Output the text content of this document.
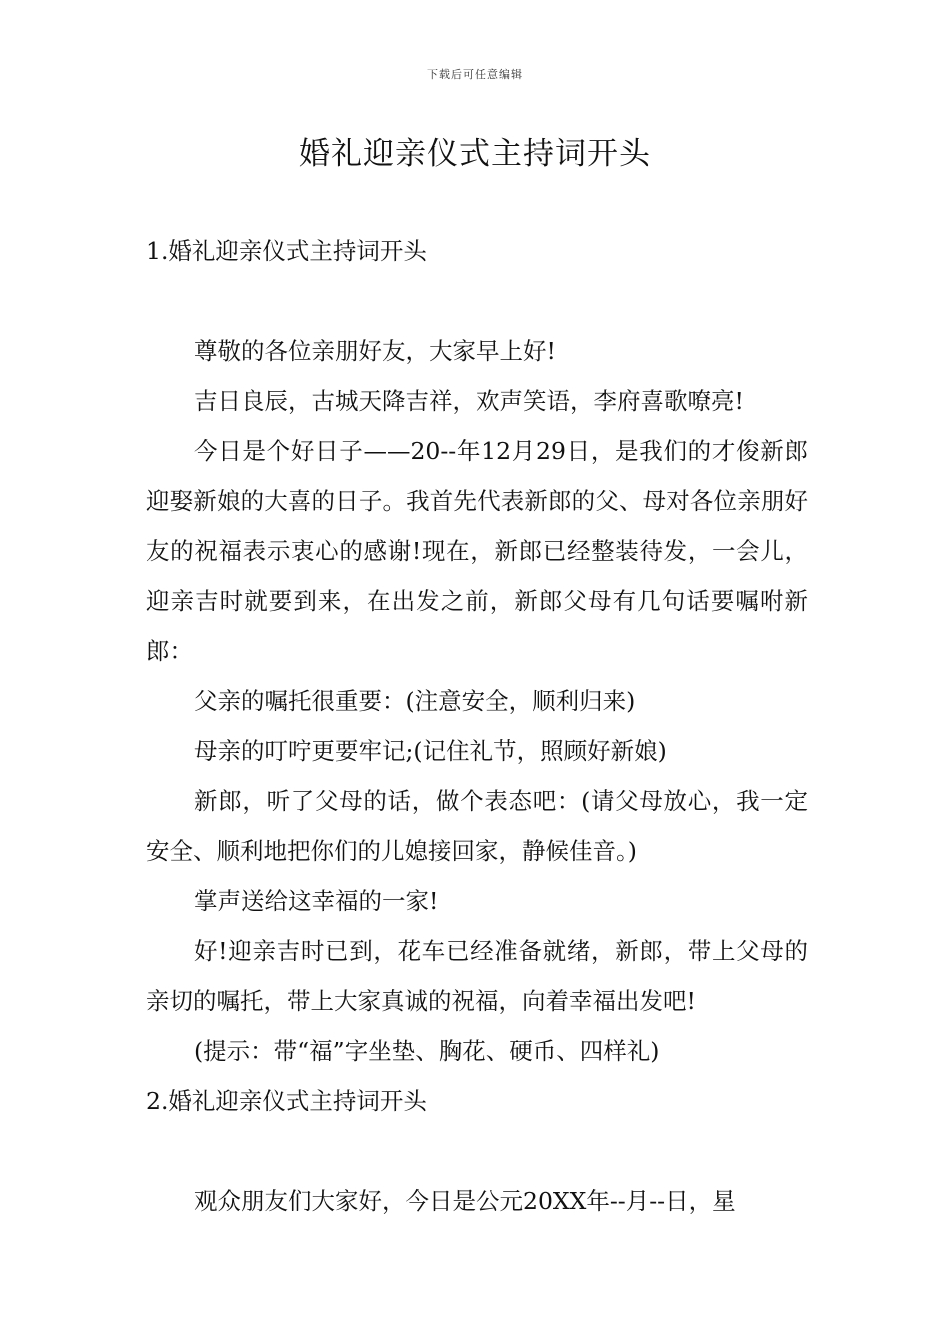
下载后可任意编辑
婚礼迎亲仪式主持词开头

1.婚礼迎亲仪式主持词开头

尊敬的各位亲朋好友，大家早上好!

吉日良辰，古城天降吉祥，欢声笑语，李府喜歌嘹亮!

今日是个好日子——20--年12月29日，是我们的才俊新郎迎娶新娘的大喜的日子。我首先代表新郎的父、母对各位亲朋好友的祝福表示衷心的感谢!现在，新郎已经整装待发，一会儿，迎亲吉时就要到来，在出发之前，新郎父母有几句话要嘱咐新郎：

父亲的嘱托很重要：(注意安全，顺利归来)

母亲的叮咛更要牢记;(记住礼节，照顾好新娘)

新郎，听了父母的话，做个表态吧：(请父母放心，我一定安全、顺利地把你们的儿媳接回家，静候佳音。)

掌声送给这幸福的一家!

好!迎亲吉时已到，花车已经准备就绪，新郎，带上父母的亲切的嘱托，带上大家真诚的祝福，向着幸福出发吧!

(提示：带“福”字坐垫、胸花、硬币、四样礼)

2.婚礼迎亲仪式主持词开头

观众朋友们大家好，今日是公元20XX年--月--日，星
